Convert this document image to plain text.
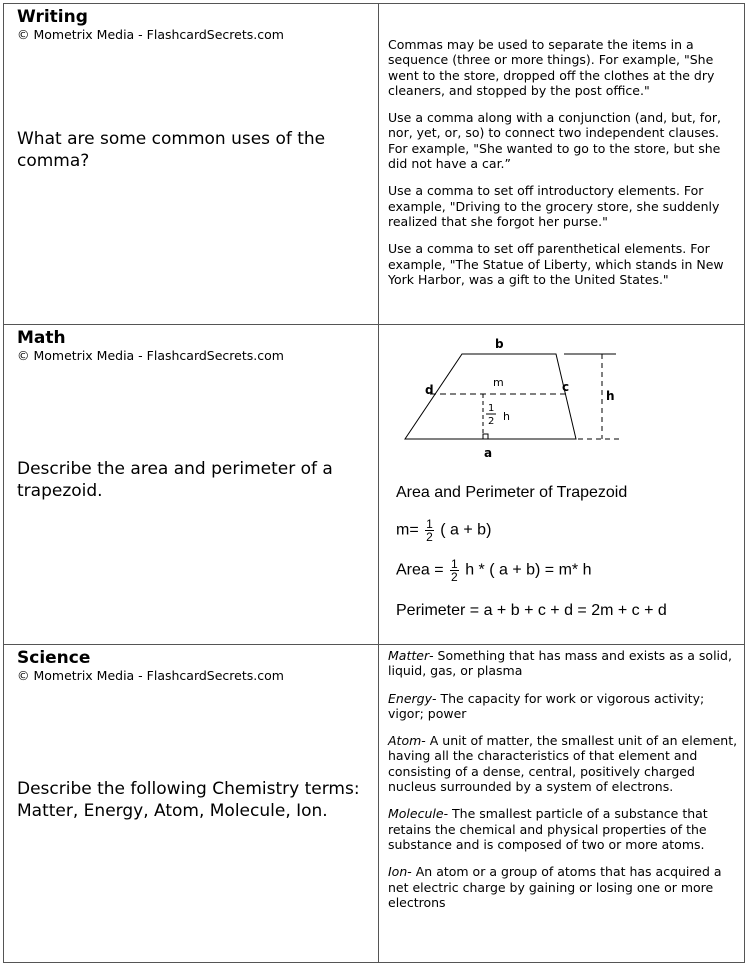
Writing
© Mometrix Media - FlashcardSecrets.com
What are some common uses of the comma?

Commas may be used to separate the items in a sequence (three or more things). For example, "She went to the store, dropped off the clothes at the dry cleaners, and stopped by the post office."

Use a comma along with a conjunction (and, but, for, nor, yet, or, so) to connect two independent clauses. For example, "She wanted to go to the store, but she did not have a car.”

Use a comma to set off introductory elements. For example, "Driving to the grocery store, she suddenly realized that she forgot her purse."

Use a comma to set off parenthetical elements. For example, "The Statue of Liberty, which stands in New York Harbor, was a gift to the United States."

Math
© Mometrix Media - FlashcardSecrets.com
Describe the area and perimeter of a trapezoid.
b
a
c
d
m
h
1
2 h
Area and Perimeter of Trapezoid
$m= \frac{1}{2}$ ( a + b)
Area = $\frac{1}{2}$ h * ( a + b) = m* h
Perimeter = a + b + c + d = 2m + c + d
Science
© Mometrix Media - FlashcardSecrets.com
Describe the following Chemistry terms: Matter, Energy, Atom, Molecule, Ion.

Matter- Something that has mass and exists as a solid, liquid, gas, or plasma

Energy- The capacity for work or vigorous activity; vigor; power

Atom- A unit of matter, the smallest unit of an element, having all the characteristics of that element and consisting of a dense, central, positively charged nucleus surrounded by a system of electrons.

Molecule- The smallest particle of a substance that retains the chemical and physical properties of the substance and is composed of two or more atoms.

Ion- An atom or a group of atoms that has acquired a net electric charge by gaining or losing one or more electrons
